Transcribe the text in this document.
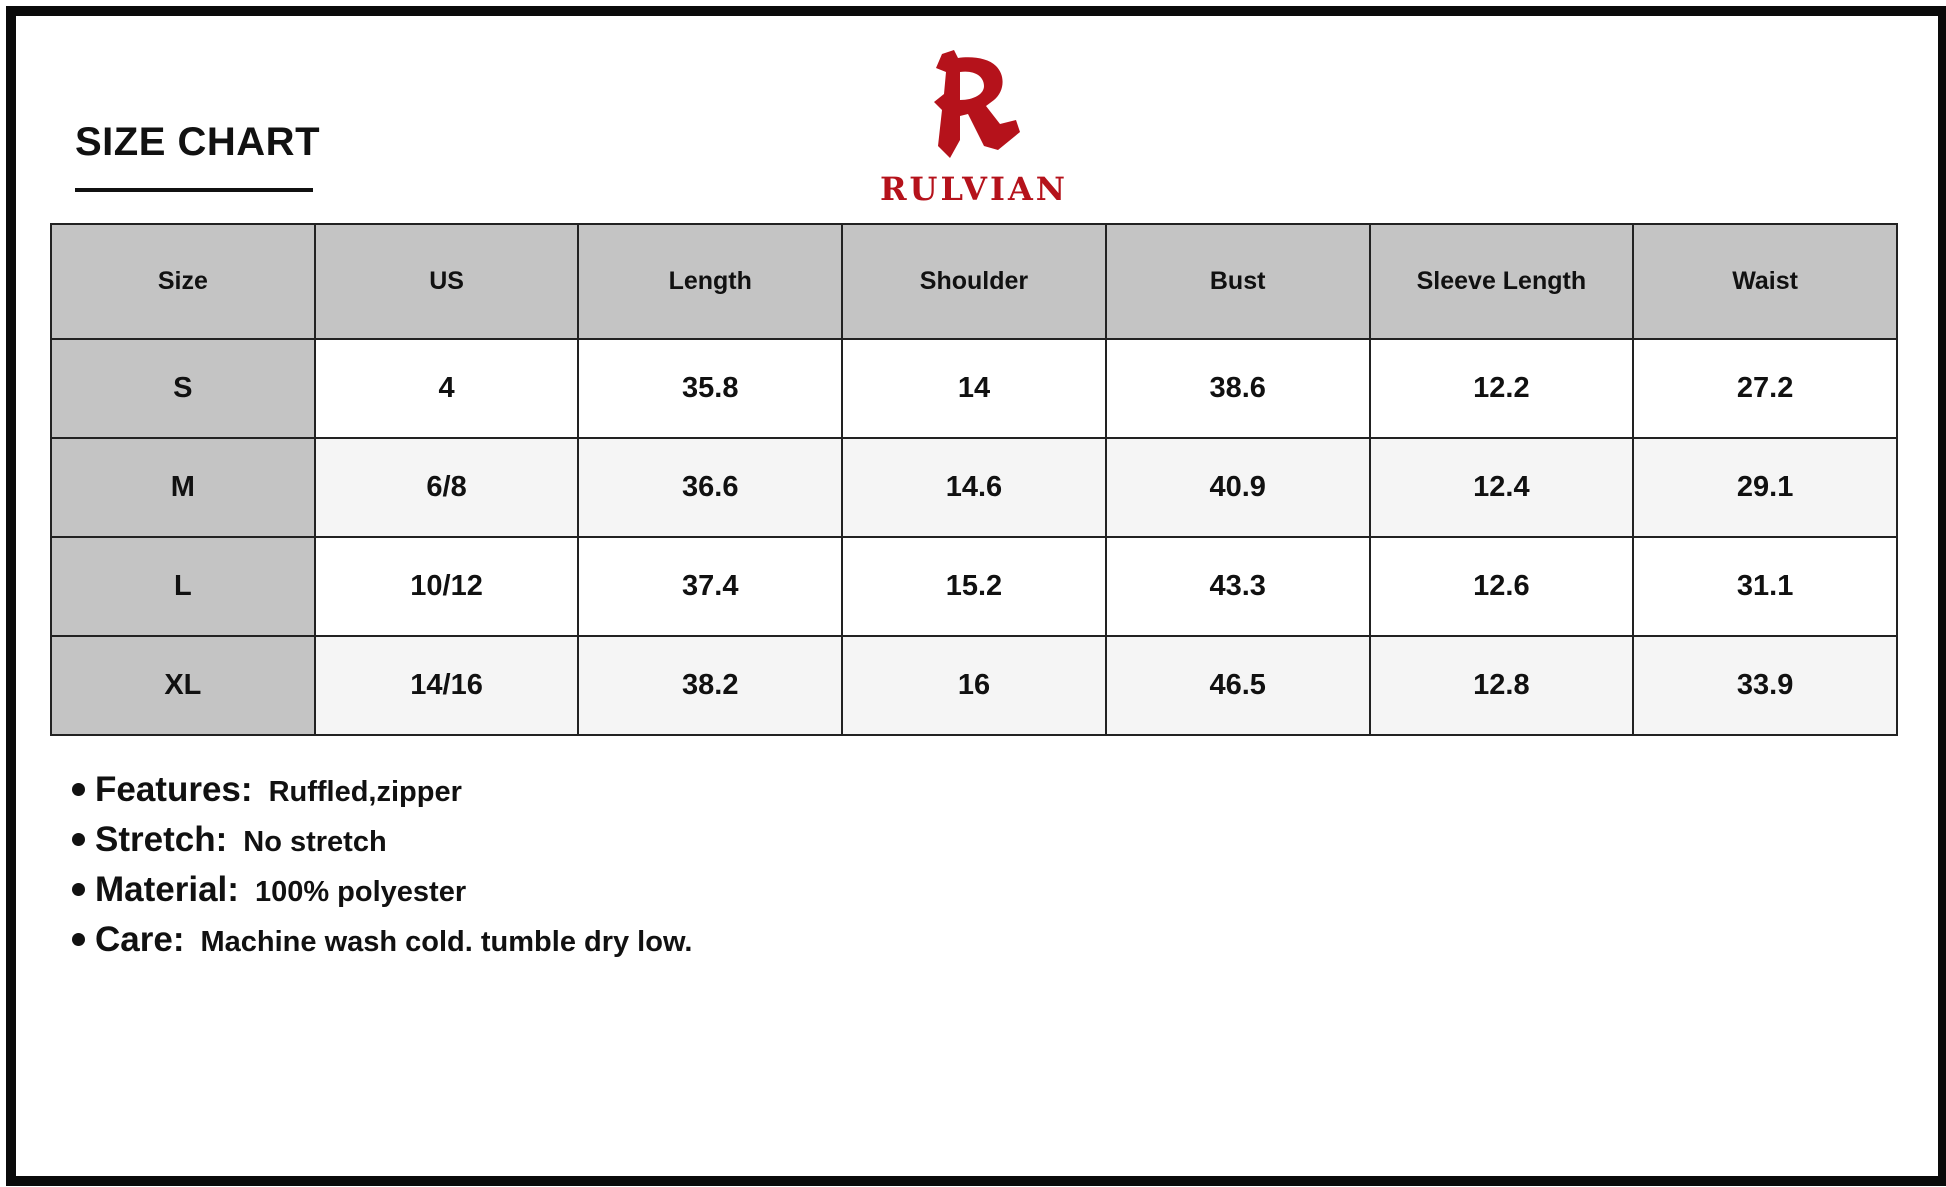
SIZE CHART
RULVIAN
Size	US	Length	Shoulder	Bust	Sleeve Length	Waist
S	4	35.8	14	38.6	12.2	27.2
M	6/8	36.6	14.6	40.9	12.4	29.1
L	10/12	37.4	15.2	43.3	12.6	31.1
XL	14/16	38.2	16	46.5	12.8	33.9
Features: Ruffled,zipper
Stretch: No stretch
Material: 100% polyester
Care: Machine wash cold. tumble dry low.
